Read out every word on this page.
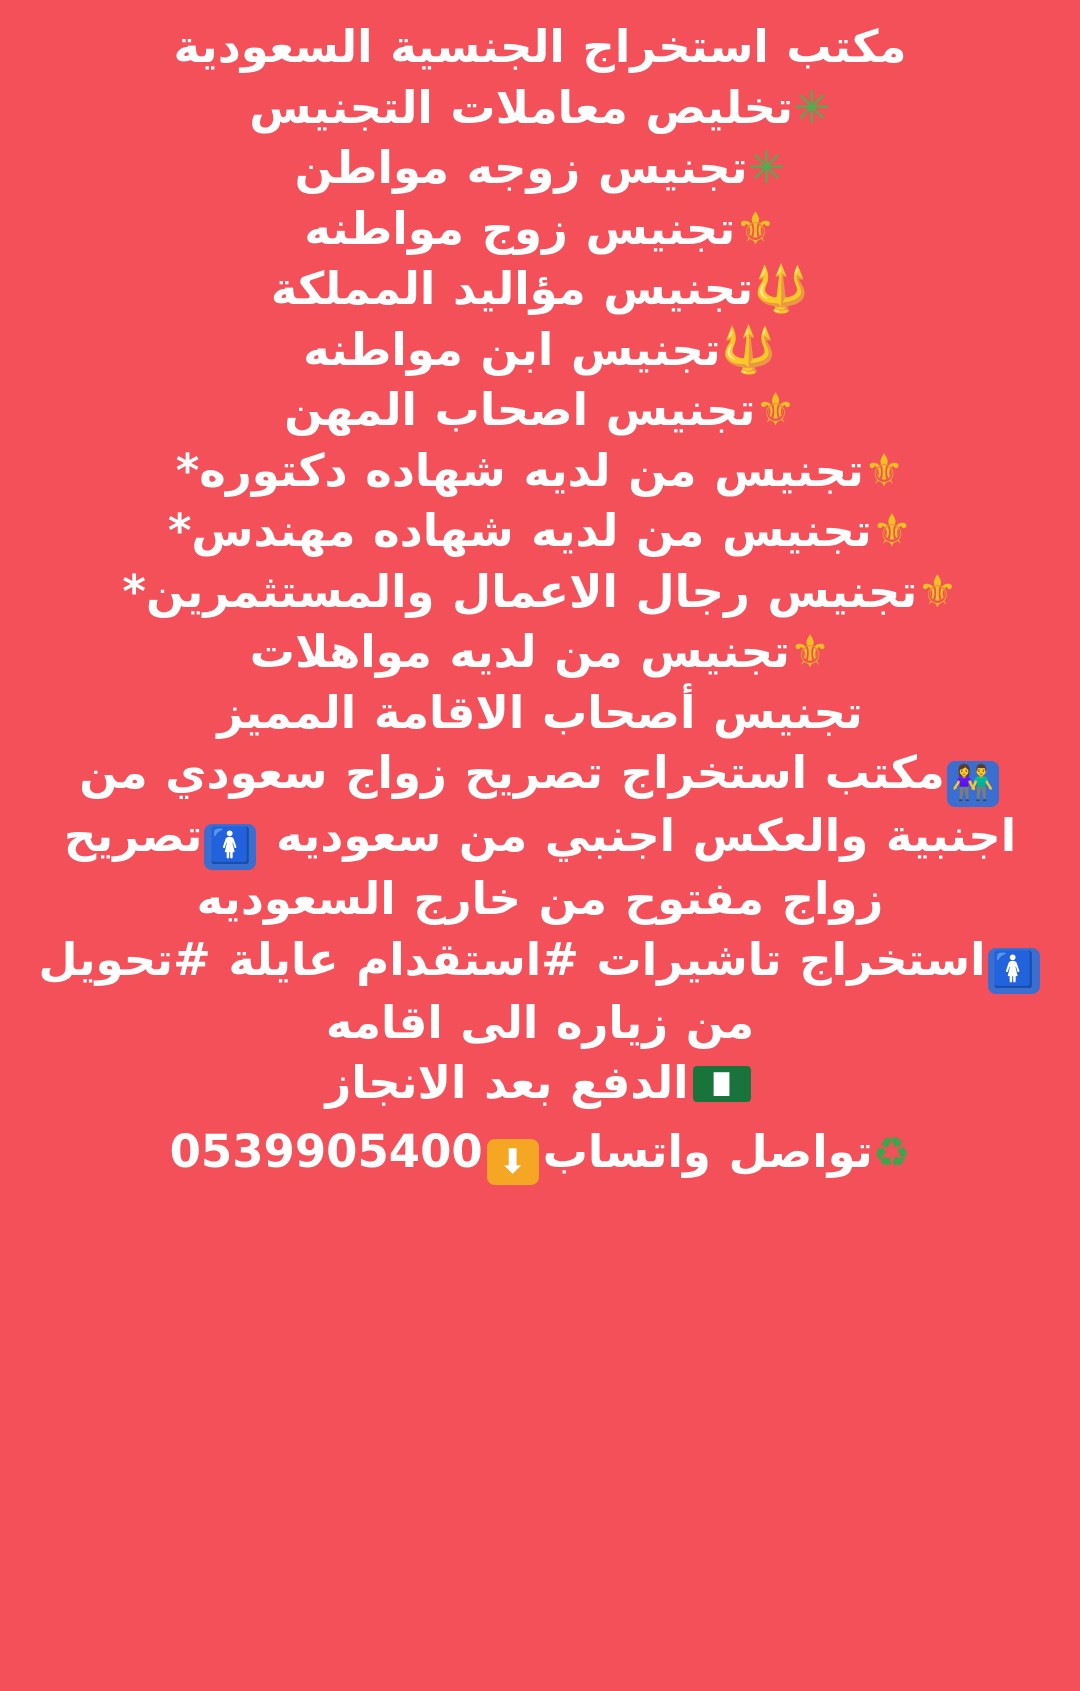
مكتب استخراج الجنسية السعودية
✳تخليص معاملات التجنيس
✳تجنيس زوجه مواطن
⚜تجنيس زوج مواطنه
🔱تجنيس مؤاليد المملكة
🔱تجنيس ابن مواطنه
⚜تجنيس اصحاب المهن
⚜تجنيس من لديه شهاده دكتوره*
⚜تجنيس من لديه شهاده مهندس*
⚜تجنيس رجال الاعمال والمستثمرين*
⚜تجنيس من لديه مواهلات
تجنيس أصحاب الاقامة المميز
👫مكتب استخراج تصريح زواج سعودي من اجنبية والعكس اجنبي من سعوديه 🚺تصريح زواج مفتوح من خارج السعوديه
🚺استخراج تاشيرات #استقدام عايلة #تحويل من زياره الى اقامه
█الدفع بعد الانجاز
♻تواصل واتساب⬇0539905400
